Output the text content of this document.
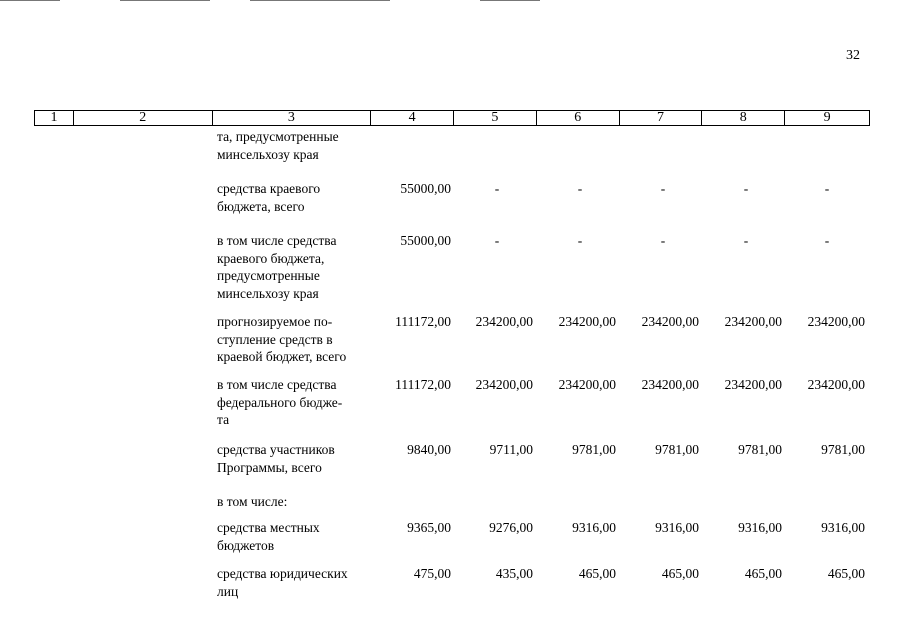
32
1	2	3	4	5	6	7	8	9
та, предусмотренные
минсельхозу края
средства краевого
бюджета, всего
55000,00	-	-	-	-	-
в том числе средства
краевого бюджета,
предусмотренные
минсельхозу края
55000,00	-	-	-	-	-
прогнозируемое по-
ступление средств в
краевой бюджет, всего
111172,00	234200,00	234200,00	234200,00	234200,00	234200,00
в том числе средства
федерального бюдже-
та
111172,00	234200,00	234200,00	234200,00	234200,00	234200,00
средства участников
Программы, всего
9840,00	9711,00	9781,00	9781,00	9781,00	9781,00
в том числе:
средства местных
бюджетов
9365,00	9276,00	9316,00	9316,00	9316,00	9316,00
средства юридических
лиц
475,00	435,00	465,00	465,00	465,00	465,00
